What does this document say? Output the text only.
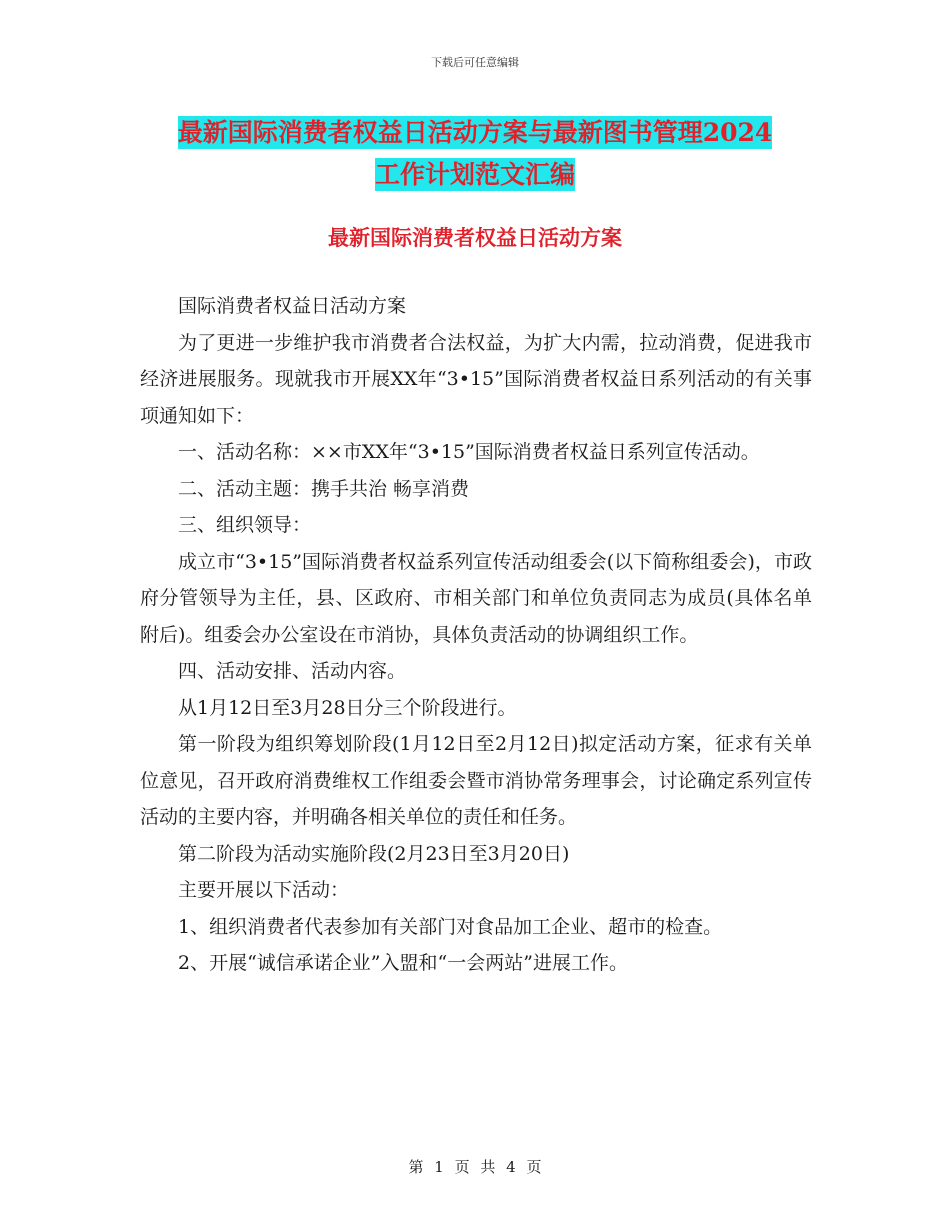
下载后可任意编辑
最新国际消费者权益日活动方案与最新图书管理2024
工作计划范文汇编
最新国际消费者权益日活动方案

国际消费者权益日活动方案

为了更进一步维护我市消费者合法权益，为扩大内需，拉动消费，促进我市经济进展服务。现就我市开展XX年“3•15”国际消费者权益日系列活动的有关事项通知如下：

一、活动名称：××市XX年“3•15”国际消费者权益日系列宣传活动。

二、活动主题：携手共治 畅享消费

三、组织领导：

成立市“3•15”国际消费者权益系列宣传活动组委会(以下简称组委会)，市政府分管领导为主任，县、区政府、市相关部门和单位负责同志为成员(具体名单附后)。组委会办公室设在市消协，具体负责活动的协调组织工作。

四、活动安排、活动内容。

从1月12日至3月28日分三个阶段进行。

第一阶段为组织筹划阶段(1月12日至2月12日)拟定活动方案，征求有关单位意见，召开政府消费维权工作组委会暨市消协常务理事会，讨论确定系列宣传活动的主要内容，并明确各相关单位的责任和任务。

第二阶段为活动实施阶段(2月23日至3月20日)

主要开展以下活动：

1、组织消费者代表参加有关部门对食品加工企业、超市的检查。

2、开展“诚信承诺企业”入盟和“一会两站”进展工作。

第 1 页 共 4 页
